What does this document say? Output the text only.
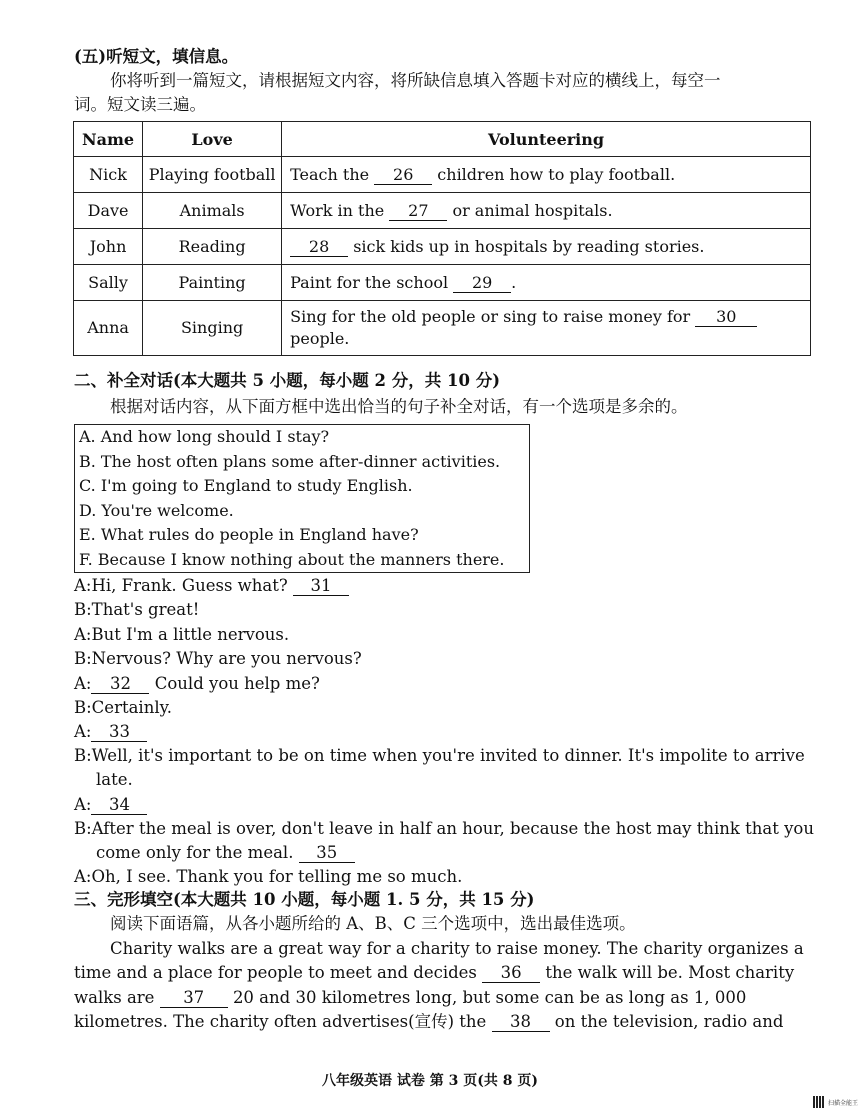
(五)听短文，填信息。
你将听到一篇短文，请根据短文内容，将所缺信息填入答题卡对应的横线上，每空一
词。短文读三遍。
Name	Love	Volunteering
Nick	Playing football	Teach the 26 children how to play football.
Dave	Animals	Work in the 27 or animal hospitals.
John	Reading	28 sick kids up in hospitals by reading stories.
Sally	Painting	Paint for the school 29 .
Anna	Singing	Sing for the old people or sing to raise money for 30
people.
二、补全对话(本大题共 5 小题，每小题 2 分，共 10 分)
根据对话内容，从下面方框中选出恰当的句子补全对话，有一个选项是多余的。
A. And how long should I stay?
B. The host often plans some after-dinner activities.
C. I'm going to England to study English.
D. You're welcome.
E. What rules do people in England have?
F. Because I know nothing about the manners there.
A:Hi, Frank. Guess what? 31
B:That's great!
A:But I'm a little nervous.
B:Nervous? Why are you nervous?
A: 32 Could you help me?
B:Certainly.
A: 33
B:Well, it's important to be on time when you're invited to dinner. It's impolite to arrive
late.
A: 34
B:After the meal is over, don't leave in half an hour, because the host may think that you
come only for the meal. 35
A:Oh, I see. Thank you for telling me so much.
三、完形填空(本大题共 10 小题，每小题 1. 5 分，共 15 分)
阅读下面语篇，从各小题所给的 A、B、C 三个选项中，选出最佳选项。
Charity walks are a great way for a charity to raise money. The charity organizes a
time and a place for people to meet and decides 36 the walk will be. Most charity
walks are 37 20 and 30 kilometres long, but some can be as long as 1, 000
kilometres. The charity often advertises(宣传) the 38 on the television, radio and
八年级英语 试卷 第 3 页(共 8 页)
扫描全能王
